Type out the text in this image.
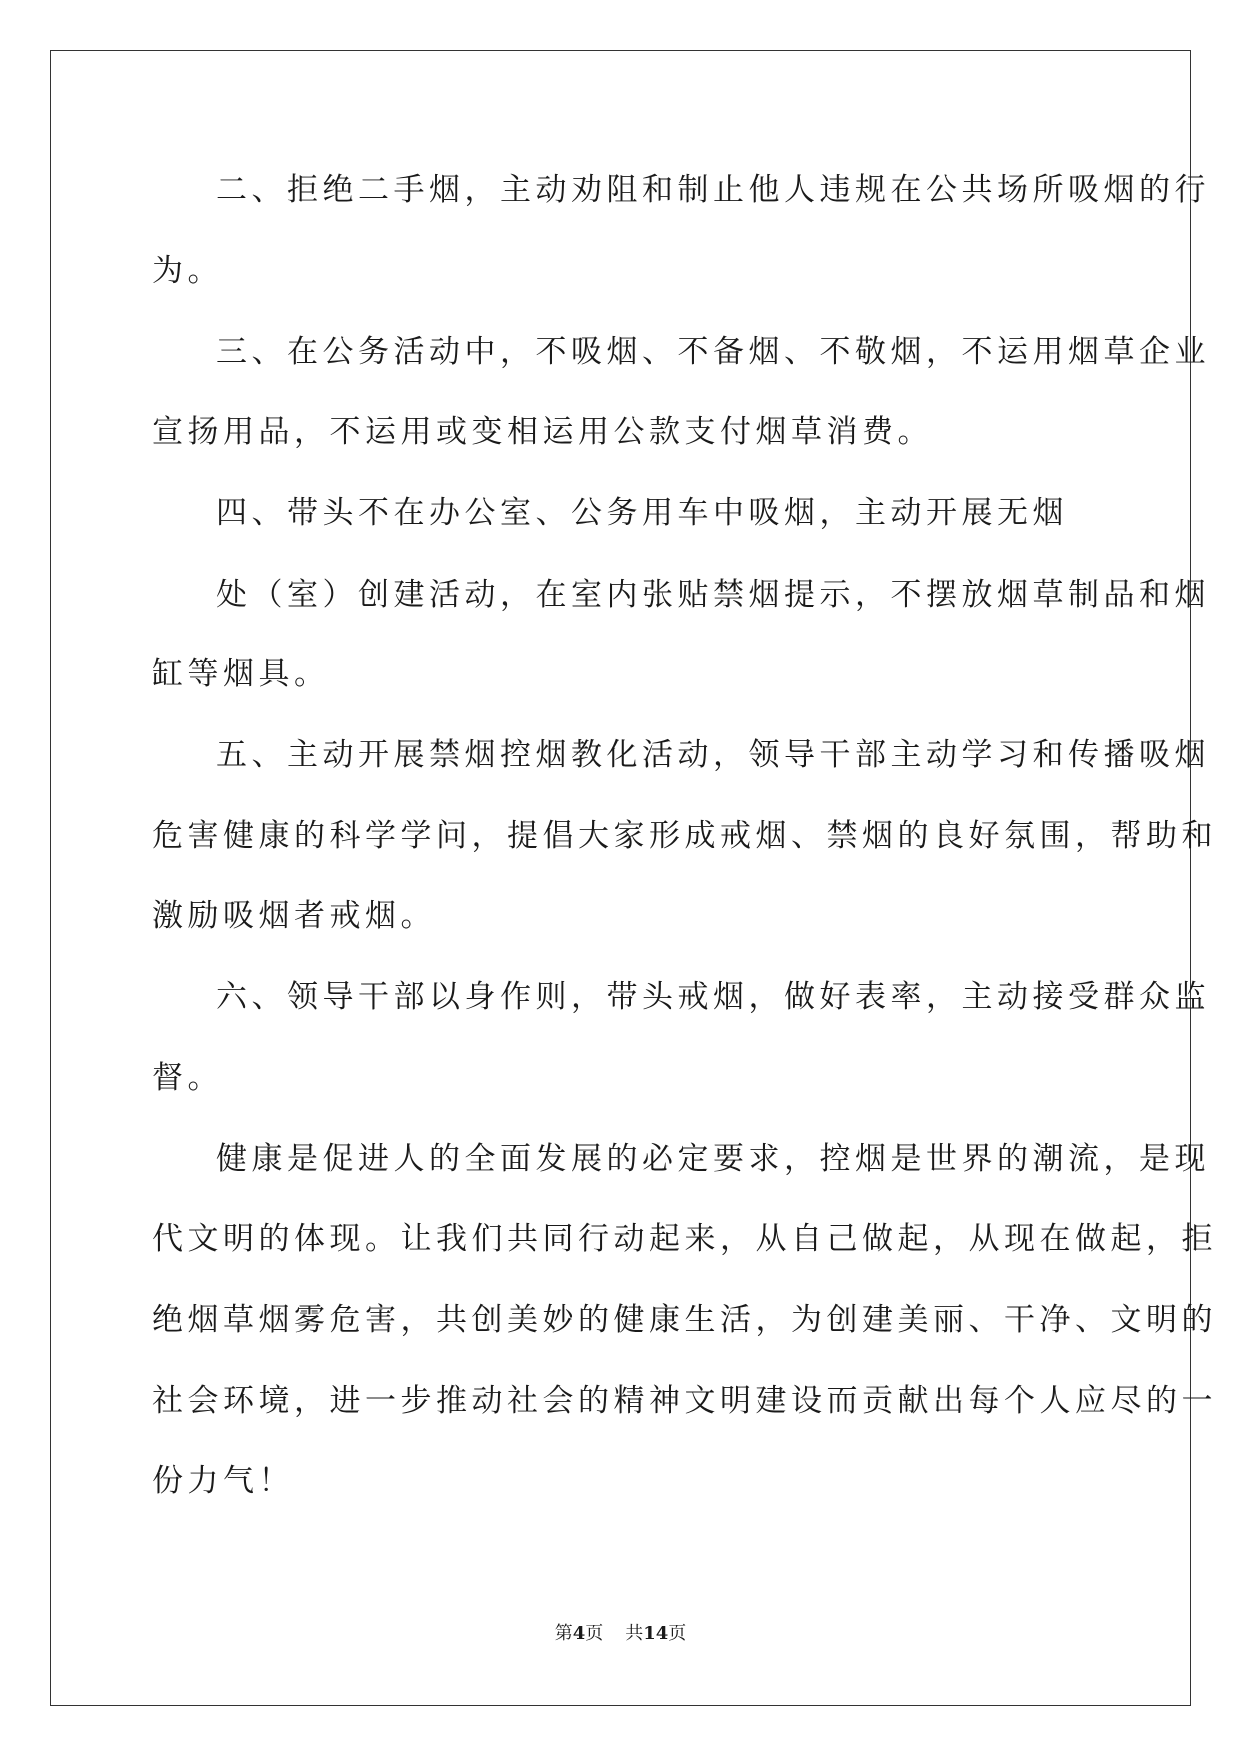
二、拒绝二手烟，主动劝阻和制止他人违规在公共场所吸烟的行
为。
三、在公务活动中，不吸烟、不备烟、不敬烟，不运用烟草企业
宣扬用品，不运用或变相运用公款支付烟草消费。
四、带头不在办公室、公务用车中吸烟，主动开展无烟
处（室）创建活动，在室内张贴禁烟提示，不摆放烟草制品和烟
缸等烟具。
五、主动开展禁烟控烟教化活动，领导干部主动学习和传播吸烟
危害健康的科学学问，提倡大家形成戒烟、禁烟的良好氛围，帮助和
激励吸烟者戒烟。
六、领导干部以身作则，带头戒烟，做好表率，主动接受群众监
督。
健康是促进人的全面发展的必定要求，控烟是世界的潮流，是现
代文明的体现。让我们共同行动起来，从自己做起，从现在做起，拒
绝烟草烟雾危害，共创美妙的健康生活，为创建美丽、干净、文明的
社会环境，进一步推动社会的精神文明建设而贡献出每个人应尽的一
份力气！
第4页 共14页
